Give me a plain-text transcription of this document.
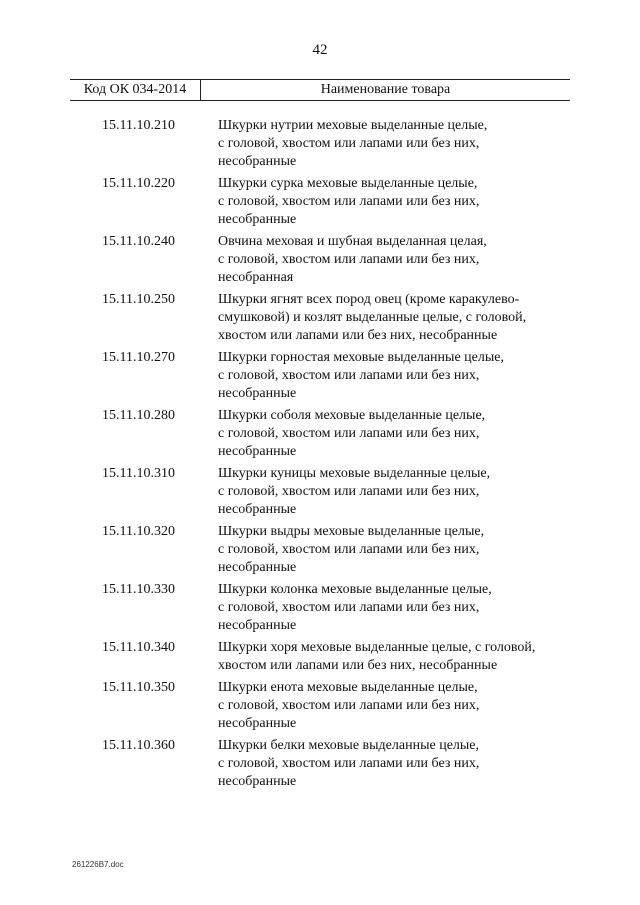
42
Код ОК 034-2014	Наименование товара
15.11.10.210	Шкурки нутрии меховые выделанные целые,
с головой, хвостом или лапами или без них,
несобранные
15.11.10.220	Шкурки сурка меховые выделанные целые,
с головой, хвостом или лапами или без них,
несобранные
15.11.10.240	Овчина меховая и шубная выделанная целая,
с головой, хвостом или лапами или без них,
несобранная
15.11.10.250	Шкурки ягнят всех пород овец (кроме каракулево-
смушковой) и козлят выделанные целые, с головой,
хвостом или лапами или без них, несобранные
15.11.10.270	Шкурки горностая меховые выделанные целые,
с головой, хвостом или лапами или без них,
несобранные
15.11.10.280	Шкурки соболя меховые выделанные целые,
с головой, хвостом или лапами или без них,
несобранные
15.11.10.310	Шкурки куницы меховые выделанные целые,
с головой, хвостом или лапами или без них,
несобранные
15.11.10.320	Шкурки выдры меховые выделанные целые,
с головой, хвостом или лапами или без них,
несобранные
15.11.10.330	Шкурки колонка меховые выделанные целые,
с головой, хвостом или лапами или без них,
несобранные
15.11.10.340	Шкурки хоря меховые выделанные целые, с головой,
хвостом или лапами или без них, несобранные
15.11.10.350	Шкурки енота меховые выделанные целые,
с головой, хвостом или лапами или без них,
несобранные
15.11.10.360	Шкурки белки меховые выделанные целые,
с головой, хвостом или лапами или без них,
несобранные
261226B7.doc
